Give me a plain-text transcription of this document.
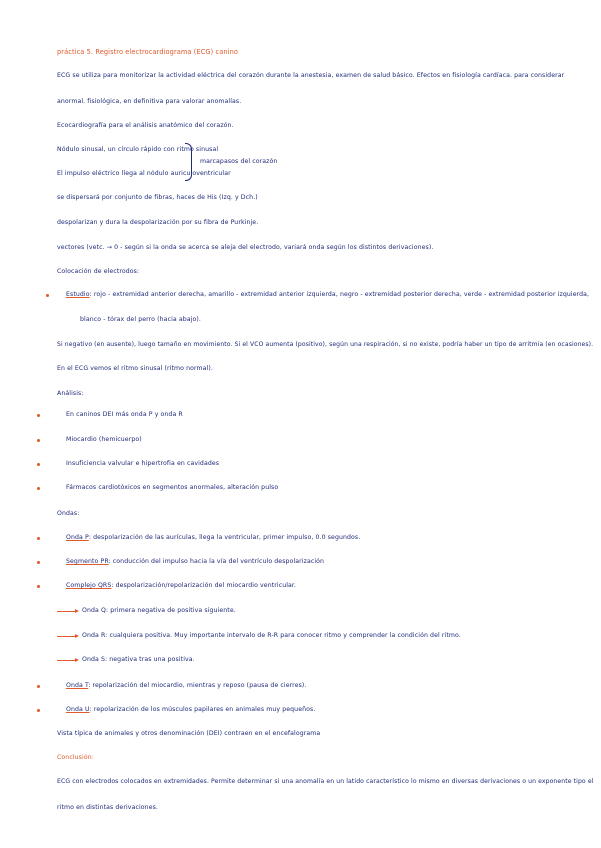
práctica 5. Registro electrocardiograma (ECG) canino
ECG se utiliza para monitorizar la actividad eléctrica del corazón durante la anestesia, examen de salud básico. Efectos en fisiología cardíaca. para considerar
anormal. fisiológica, en definitiva para valorar anomalías.
Ecocardiografía para el análisis anatómico del corazón.
Nódulo sinusal, un círculo rápido con ritmo sinusal
El impulso eléctrico llega al nódulo auriculoventricular
marcapasos del corazón
se dispersará por conjunto de fibras, haces de His (Izq. y Dch.)
despolarizan y dura la despolarización por su fibra de Purkinje.
vectores (vetc. → 0 - según si la onda se acerca se aleja del electrodo, variará onda según los distintos derivaciones).
Colocación de electrodos:
Estudio: rojo - extremidad anterior derecha, amarillo - extremidad anterior izquierda, negro - extremidad posterior derecha, verde - extremidad posterior izquierda,
blanco - tórax del perro (hacia abajo).
Si negativo (en ausente), luego tamaño en movimiento. Si el VCO aumenta (positivo), según una respiración, si no existe, podría haber un tipo de arritmia (en ocasiones).
En el ECG vemos el ritmo sinusal (ritmo normal).
Análisis:
En caninos DEI más onda P y onda R
Miocardio (hemicuerpo)
Insuficiencia valvular e hipertrofia en cavidades
Fármacos cardiotóxicos en segmentos anormales, alteración pulso
Ondas:
Onda P: despolarización de las aurículas, llega la ventricular, primer impulso, 0.0 segundos.
Segmento PR: conducción del impulso hacia la vía del ventrículo despolarización
Complejo QRS: despolarización/repolarización del miocardio ventricular.
Onda Q: primera negativa de positiva siguiente.
Onda R: cualquiera positiva. Muy importante intervalo de R-R para conocer ritmo y comprender la condición del ritmo.
Onda S: negativa tras una positiva.
Onda T: repolarización del miocardio, mientras y reposo (pausa de cierres).
Onda U: repolarización de los músculos papilares en animales muy pequeños.
Vista típica de animales y otros denominación (DEI) contraen en el encefalograma
Conclusión:
ECG con electrodos colocados en extremidades. Permite determinar si una anomalía en un latido característico lo mismo en diversas derivaciones o un exponente tipo el
ritmo en distintas derivaciones.
